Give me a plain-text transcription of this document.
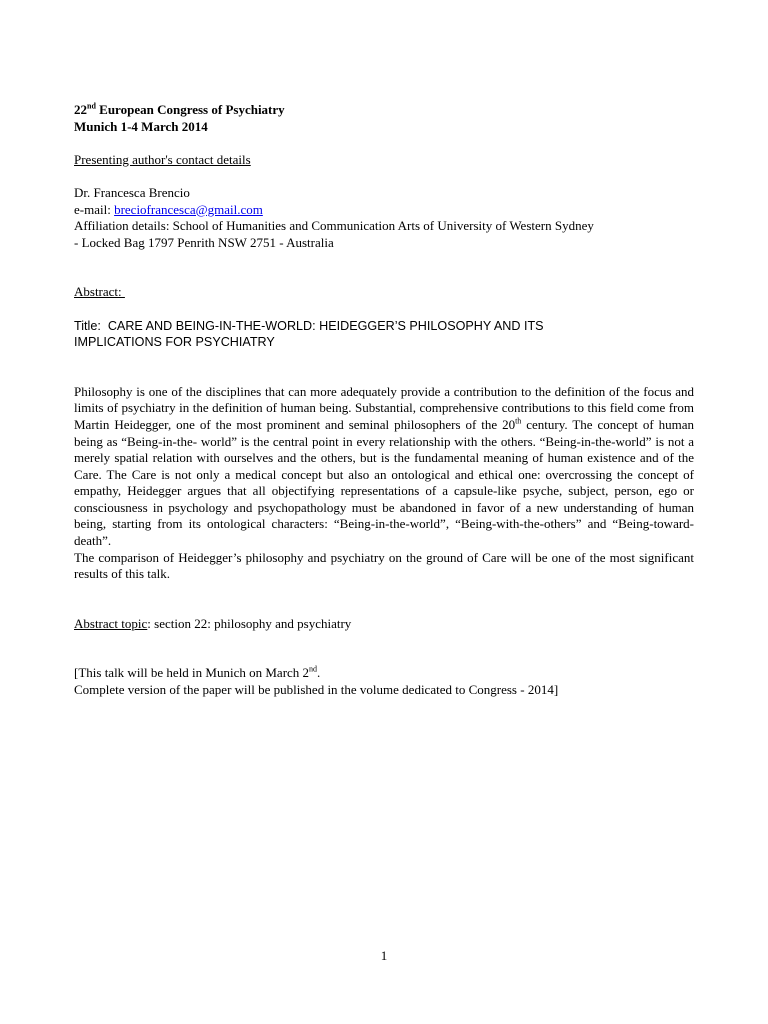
22nd European Congress of Psychiatry
Munich 1-4 March 2014
Presenting author's contact details
Dr. Francesca Brencio
e-mail: breciofrancesca@gmail.com
Affiliation details: School of Humanities and Communication Arts of University of Western Sydney
- Locked Bag 1797 Penrith NSW 2751 - Australia
Abstract:
Title:  CARE AND BEING-IN-THE-WORLD: HEIDEGGER’S PHILOSOPHY AND ITS
IMPLICATIONS FOR PSYCHIATRY
Philosophy is one of the disciplines that can more adequately provide a contribution to the definition of the focus and limits of psychiatry in the definition of human being. Substantial, comprehensive contributions to this field come from Martin Heidegger, one of the most prominent and seminal philosophers of the 20th century. The concept of human being as “Being-in-the- world” is the central point in every relationship with the others. “Being-in-the-world” is not a merely spatial relation with ourselves and the others, but is the fundamental meaning of human existence and of the Care. The Care is not only a medical concept but also an ontological and ethical one: overcrossing the concept of empathy, Heidegger argues that all objectifying representations of a capsule-like psyche, subject, person, ego or consciousness in psychology and psychopathology must be abandoned in favor of a new understanding of human being, starting from its ontological characters: “Being-in-the-world”, “Being-with-the-others” and “Being-toward-death”.
The comparison of Heidegger’s philosophy and psychiatry on the ground of Care will be one of the most significant results of this talk.
Abstract topic: section 22: philosophy and psychiatry
[This talk will be held in Munich on March 2nd.
Complete version of the paper will be published in the volume dedicated to Congress - 2014]
1
